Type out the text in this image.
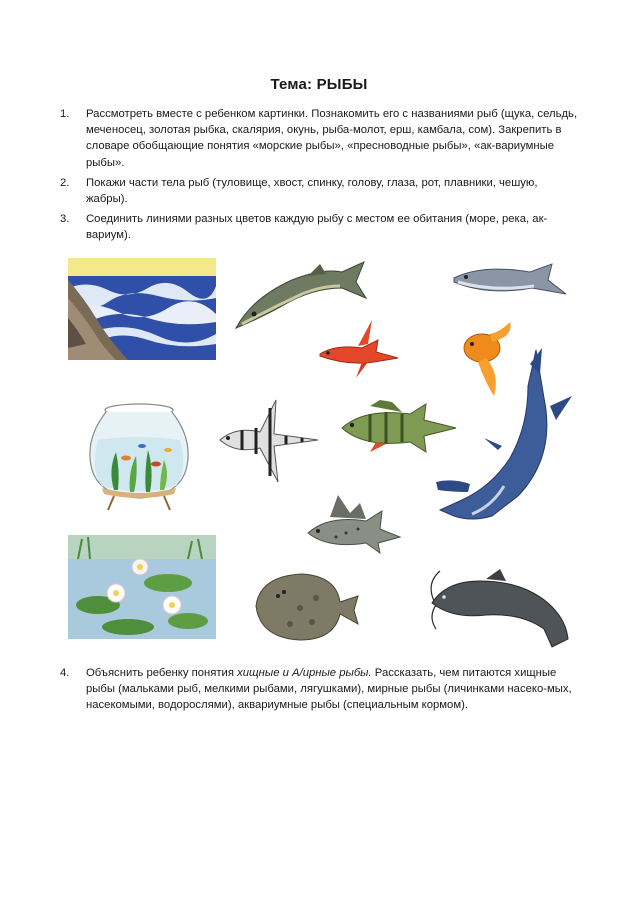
Тема: РЫБЫ
1. Рассмотреть вместе с ребенком картинки. Познакомить его с названиями рыб (щука, сельдь, меченосец, золотая рыбка, скалярия, окунь, рыба-молот, ерш, камбала, сом). Закрепить в словаре обобщающие понятия «морские рыбы», «пресноводные рыбы», «ак-вариумные рыбы».
2. Покажи части тела рыб (туловище, хвост, спинку, голову, глаза, рот, плавники, чешую, жабры).
3. Соединить линиями разных цветов каждую рыбу с местом ее обитания (море, река, ак-вариум).
4. Объяснить ребенку понятия хищные и А/ирные рыбы. Рассказать, чем питаются хищные рыбы (мальками рыб, мелкими рыбами, лягушками), мирные рыбы (личинками насеко-мых, насекомыми, водорослями), аквариумные рыбы (специальным кормом).
